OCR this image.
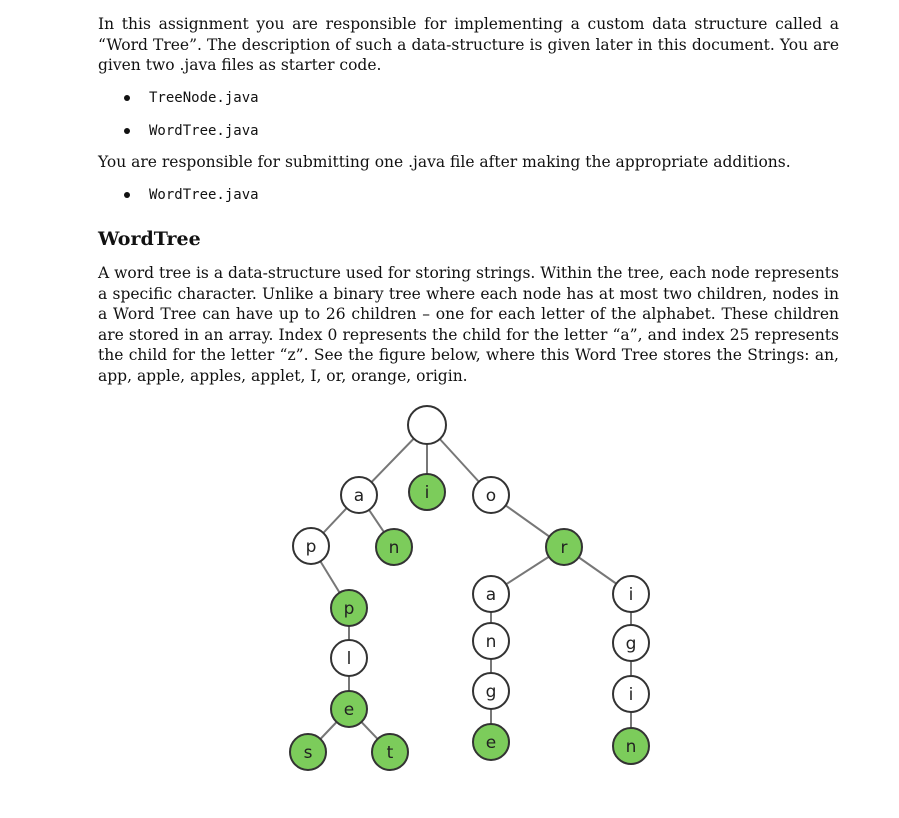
In this assignment you are responsible for implementing a custom data structure called a “Word Tree”. The description of such a data-structure is given later in this document. You are given two .java files as starter code.

TreeNode.java
WordTree.java

You are responsible for submitting one .java file after making the appropriate additions.

WordTree.java
WordTree

A word tree is a data-structure used for storing strings. Within the tree, each node represents a specific character. Unlike a binary tree where each node has at most two children, nodes in a Word Tree can have up to 26 children – one for each letter of the alphabet. These children are stored in an array. Index 0 represents the child for the letter “a”, and index 25 represents the child for the letter “z”. See the figure below, where this Word Tree stores the Strings: an, app, apple, apples, applet, I, or, orange, origin.

a	i	o
p	n	r
p
l
e
s	t
a
n
g
e
i
g
i
n
